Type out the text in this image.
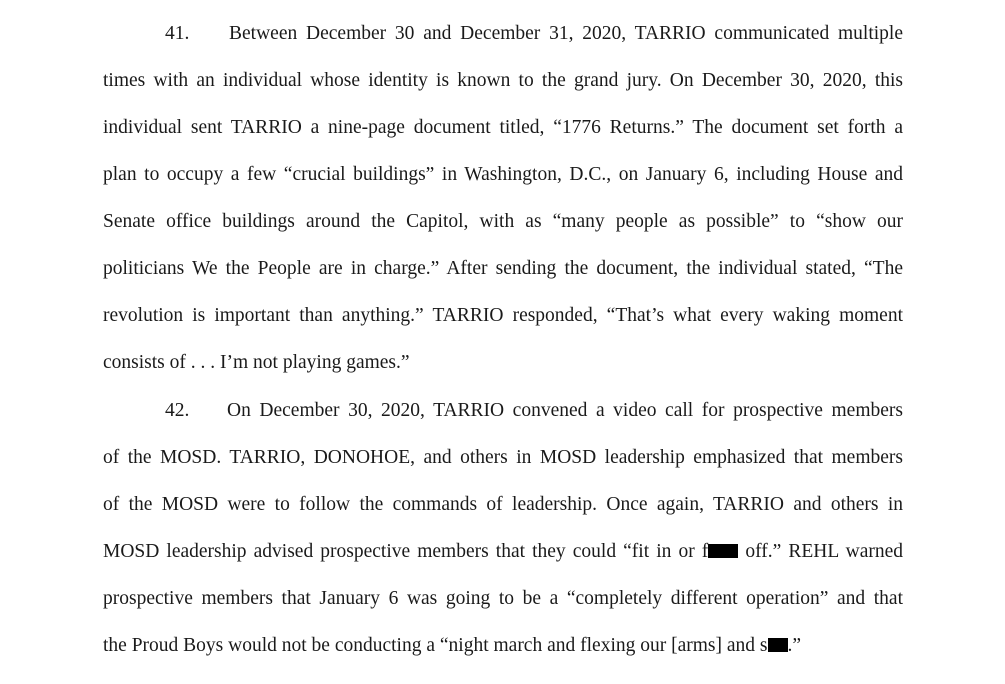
41. Between December 30 and December 31, 2020, TARRIO communicated multiple
times with an individual whose identity is known to the grand jury. On December 30, 2020, this
individual sent TARRIO a nine-page document titled, “1776 Returns.” The document set forth a
plan to occupy a few “crucial buildings” in Washington, D.C., on January 6, including House and
Senate office buildings around the Capitol, with as “many people as possible” to “show our
politicians We the People are in charge.” After sending the document, the individual stated, “The
revolution is important than anything.” TARRIO responded, “That’s what every waking moment
consists of . . . I’m not playing games.”
42. On December 30, 2020, TARRIO convened a video call for prospective members
of the MOSD. TARRIO, DONOHOE, and others in MOSD leadership emphasized that members
of the MOSD were to follow the commands of leadership. Once again, TARRIO and others in
MOSD leadership advised prospective members that they could “fit in or f off.” REHL warned
prospective members that January 6 was going to be a “completely different operation” and that
the Proud Boys would not be conducting a “night march and flexing our [arms] and s .”
